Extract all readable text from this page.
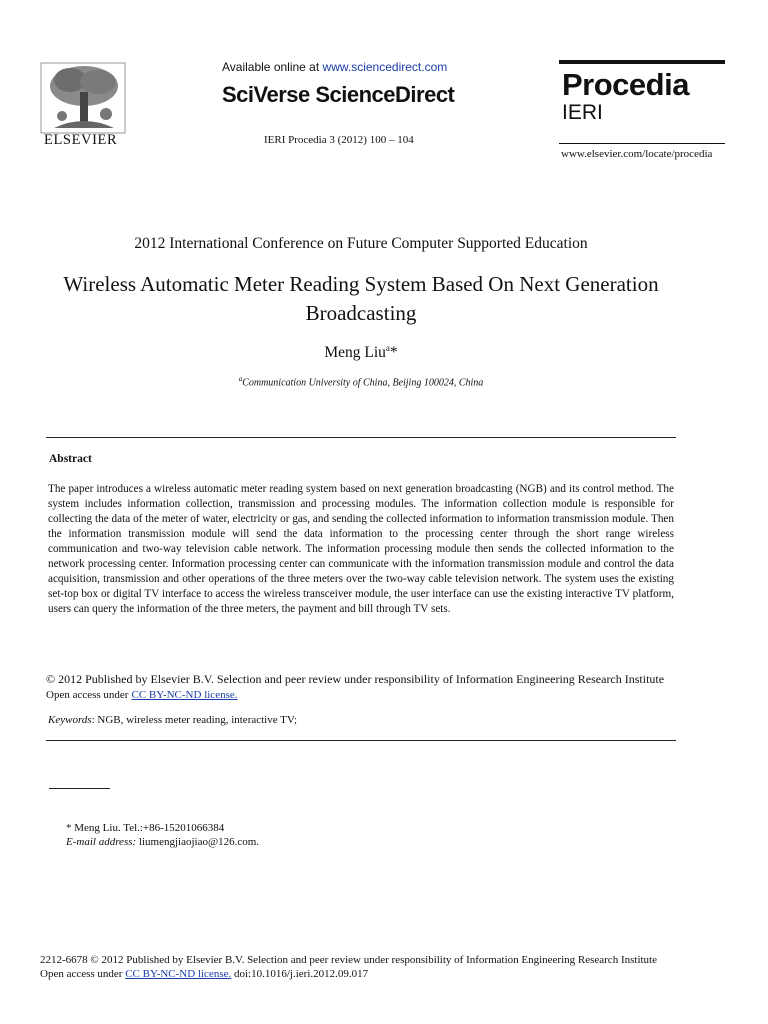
ELSEVIER
Available online at www.sciencedirect.com
SciVerse ScienceDirect
IERI Procedia 3 (2012) 100 – 104
Procedia
IERI
www.elsevier.com/locate/procedia
2012 International Conference on Future Computer Supported Education
Wireless Automatic Meter Reading System Based On Next Generation Broadcasting
Meng Liu$^a$*
$^a$Communication University of China, Beijing 100024, China
Abstract
The paper introduces a wireless automatic meter reading system based on next generation broadcasting (NGB) and its control method. The system includes information collection, transmission and processing modules. The information collection module is responsible for collecting the data of the meter of water, electricity or gas, and sending the collected information to information transmission module. Then the information transmission module will send the data information to the processing center through the short range wireless communication and two-way television cable network. The information processing module then sends the collected information to the network processing center. Information processing center can communicate with the information transmission module and control the data acquisition, transmission and other operations of the three meters over the two-way cable television network. The system uses the existing set-top box or digital TV interface to access the wireless transceiver module, the user interface can use the existing interactive TV platform, users can query the information of the three meters, the payment and bill through TV sets.
© 2012 Published by Elsevier B.V. Selection and peer review under responsibility of Information Engineering Research Institute Open access under CC BY-NC-ND license.
Keywords: NGB, wireless meter reading, interactive TV;
* Meng Liu. Tel.:+86-15201066384
E-mail address: liumengjiaojiao@126.com.
2212-6678 © 2012 Published by Elsevier B.V. Selection and peer review under responsibility of Information Engineering Research Institute
Open access under CC BY-NC-ND license. doi:10.1016/j.ieri.2012.09.017
